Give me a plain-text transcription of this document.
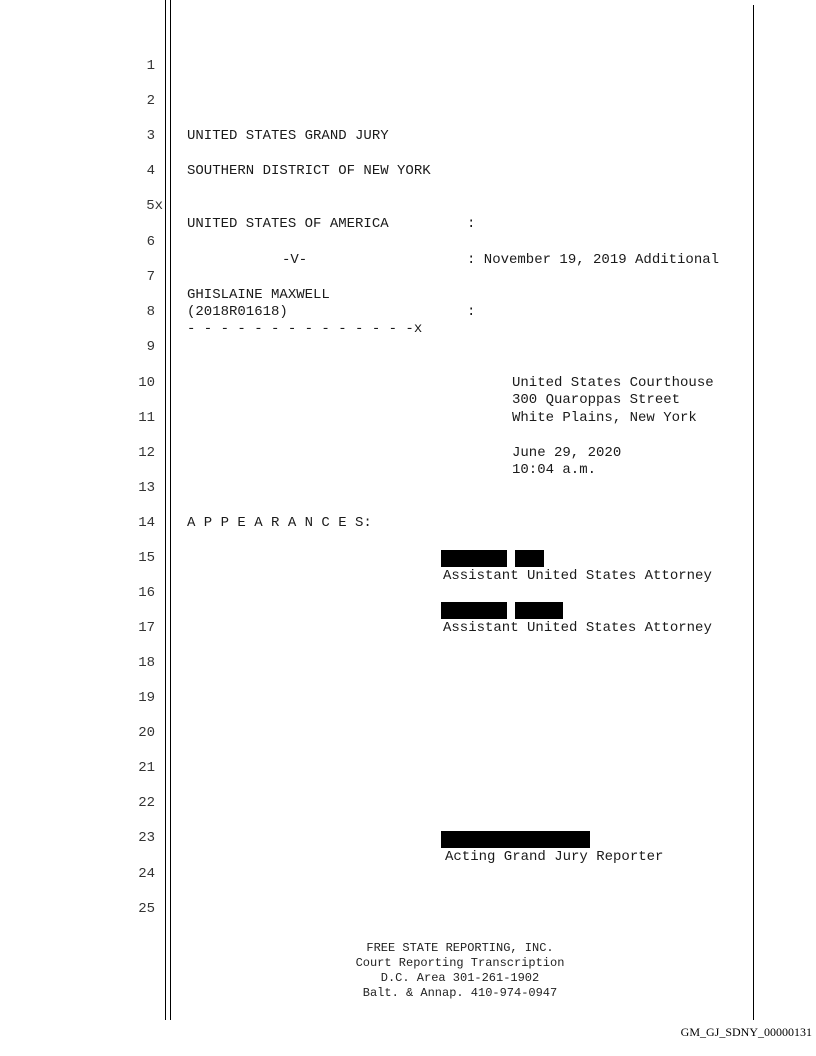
1
2
3
4
5x
6
7
8
9
10
11
12
13
14
15
16
17
18
19
20
21
22
23
24
25
UNITED STATES GRAND JURY
SOUTHERN DISTRICT OF NEW YORK
UNITED STATES OF AMERICA	:
-V-	: November 19, 2019 Additional
GHISLAINE MAXWELL
(2018R01618)	:
- - - - - - - - - - - - - -x
United States Courthouse
300 Quaroppas Street
White Plains, New York
June 29, 2020
10:04 a.m.
A P P E A R A N C E S:
Assistant United States Attorney
Assistant United States Attorney
Acting Grand Jury Reporter
FREE STATE REPORTING, INC.
Court Reporting Transcription
D.C. Area 301-261-1902
Balt. & Annap. 410-974-0947
GM_GJ_SDNY_00000131
